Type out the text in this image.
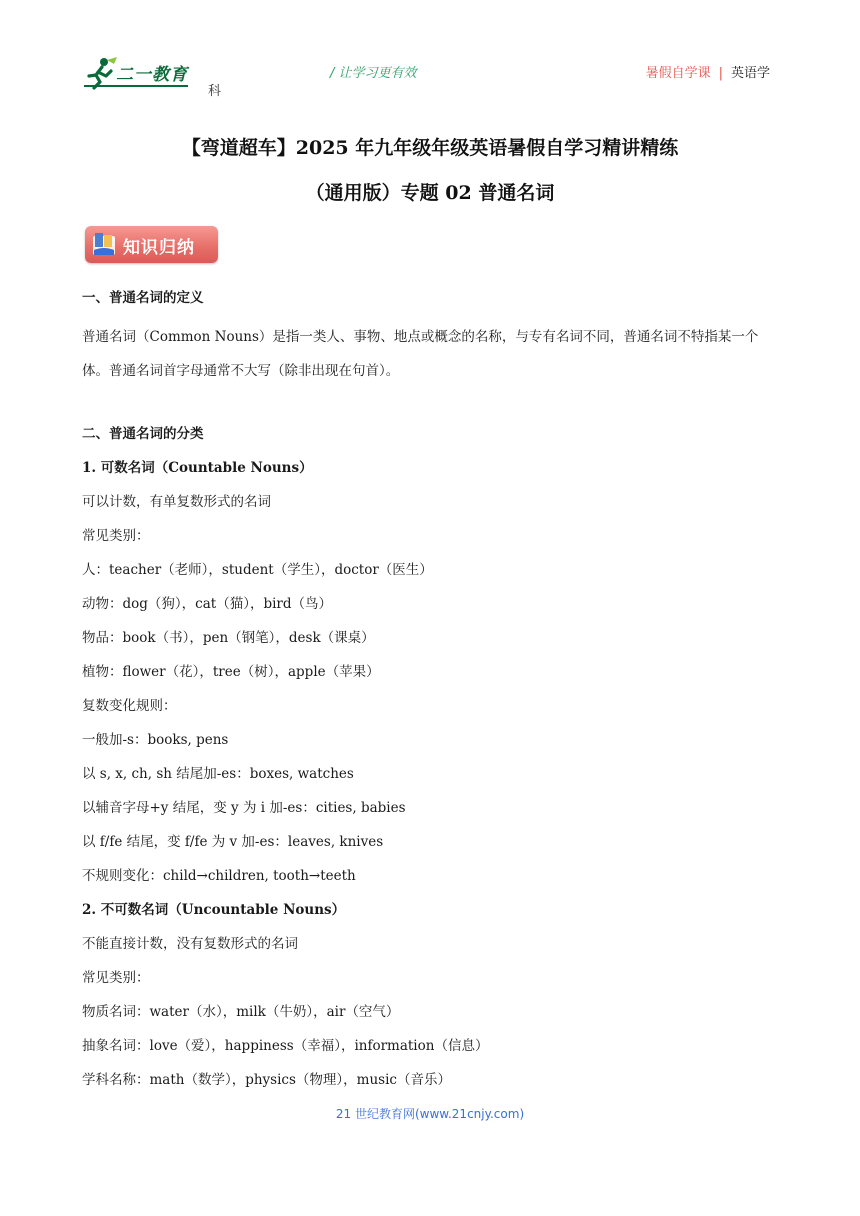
二一教育
科
/ 让学习更有效	暑假自学课 | 英语学
【弯道超车】2025 年九年级年级英语暑假自学习精讲精练
（通用版）专题 02 普通名词
知识归纳
一、普通名词的定义
普通名词（Common Nouns）是指一类人、事物、地点或概念的名称，与专有名词不同，普通名词不特指某一个体。普通名词首字母通常不大写（除非出现在句首）。
二、普通名词的分类
1. 可数名词（Countable Nouns）
可以计数，有单复数形式的名词
常见类别：
人：teacher（老师），student（学生），doctor（医生）
动物：dog（狗），cat（猫），bird（鸟）
物品：book（书），pen（钢笔），desk（课桌）
植物：flower（花），tree（树），apple（苹果）
复数变化规则：
一般加-s：books, pens
以 s, x, ch, sh 结尾加-es：boxes, watches
以辅音字母+y 结尾，变 y 为 i 加-es：cities, babies
以 f/fe 结尾，变 f/fe 为 v 加-es：leaves, knives
不规则变化：child→children, tooth→teeth
2. 不可数名词（Uncountable Nouns）
不能直接计数，没有复数形式的名词
常见类别：
物质名词：water（水），milk（牛奶），air（空气）
抽象名词：love（爱），happiness（幸福），information（信息）
学科名称：math（数学），physics（物理），music（音乐）
21 世纪教育网(www.21cnjy.com)
